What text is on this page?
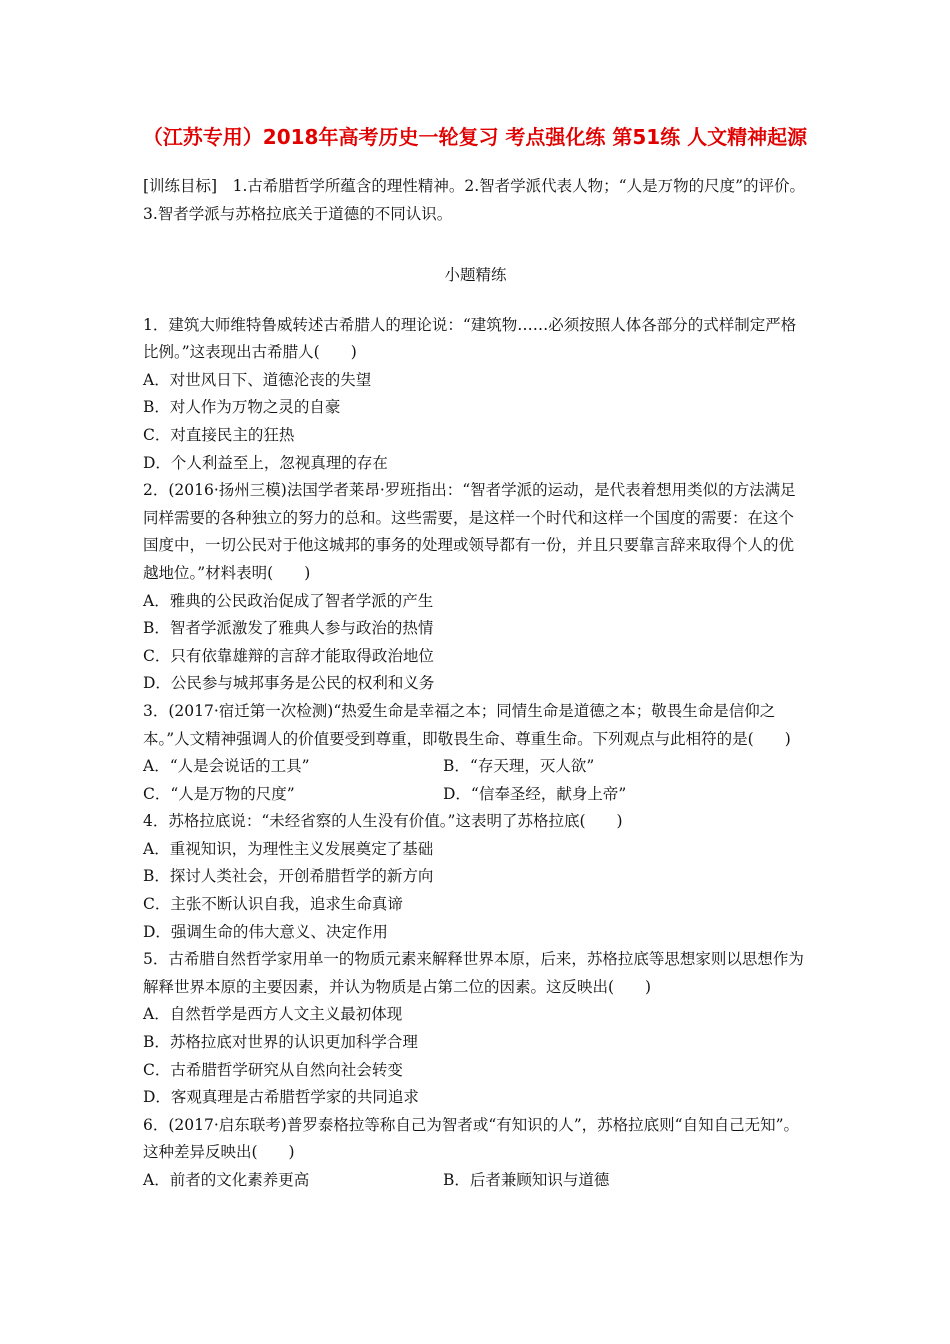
（江苏专用）2018年高考历史一轮复习 考点强化练 第51练 人文精神起源

[训练目标]　1.古希腊哲学所蕴含的理性精神。2.智者学派代表人物；“人是万物的尺度”的评价。3.智者学派与苏格拉底关于道德的不同认识。

小题精练

1．建筑大师维特鲁威转述古希腊人的理论说：“建筑物……必须按照人体各部分的式样制定严格比例。”这表现出古希腊人(　　)

A．对世风日下、道德沦丧的失望

B．对人作为万物之灵的自豪

C．对直接民主的狂热

D．个人利益至上，忽视真理的存在

2．(2016·扬州三模)法国学者莱昂·罗班指出：“智者学派的运动，是代表着想用类似的方法满足同样需要的各种独立的努力的总和。这些需要，是这样一个时代和这样一个国度的需要：在这个国度中，一切公民对于他这城邦的事务的处理或领导都有一份，并且只要靠言辞来取得个人的优越地位。”材料表明(　　)

A．雅典的公民政治促成了智者学派的产生

B．智者学派激发了雅典人参与政治的热情

C．只有依靠雄辩的言辞才能取得政治地位

D．公民参与城邦事务是公民的权利和义务

3．(2017·宿迁第一次检测)“热爱生命是幸福之本；同情生命是道德之本；敬畏生命是信仰之本。”人文精神强调人的价值要受到尊重，即敬畏生命、尊重生命。下列观点与此相符的是(　　)

A．“人是会说话的工具”	B．“存天理，灭人欲”
C．“人是万物的尺度”	D．“信奉圣经，献身上帝”

4．苏格拉底说：“未经省察的人生没有价值。”这表明了苏格拉底(　　)

A．重视知识，为理性主义发展奠定了基础

B．探讨人类社会，开创希腊哲学的新方向

C．主张不断认识自我，追求生命真谛

D．强调生命的伟大意义、决定作用

5．古希腊自然哲学家用单一的物质元素来解释世界本原，后来，苏格拉底等思想家则以思想作为解释世界本原的主要因素，并认为物质是占第二位的因素。这反映出(　　)

A．自然哲学是西方人文主义最初体现

B．苏格拉底对世界的认识更加科学合理

C．古希腊哲学研究从自然向社会转变

D．客观真理是古希腊哲学家的共同追求

6．(2017·启东联考)普罗泰格拉等称自己为智者或“有知识的人”，苏格拉底则“自知自己无知”。这种差异反映出(　　)

A．前者的文化素养更高	B．后者兼顾知识与道德
